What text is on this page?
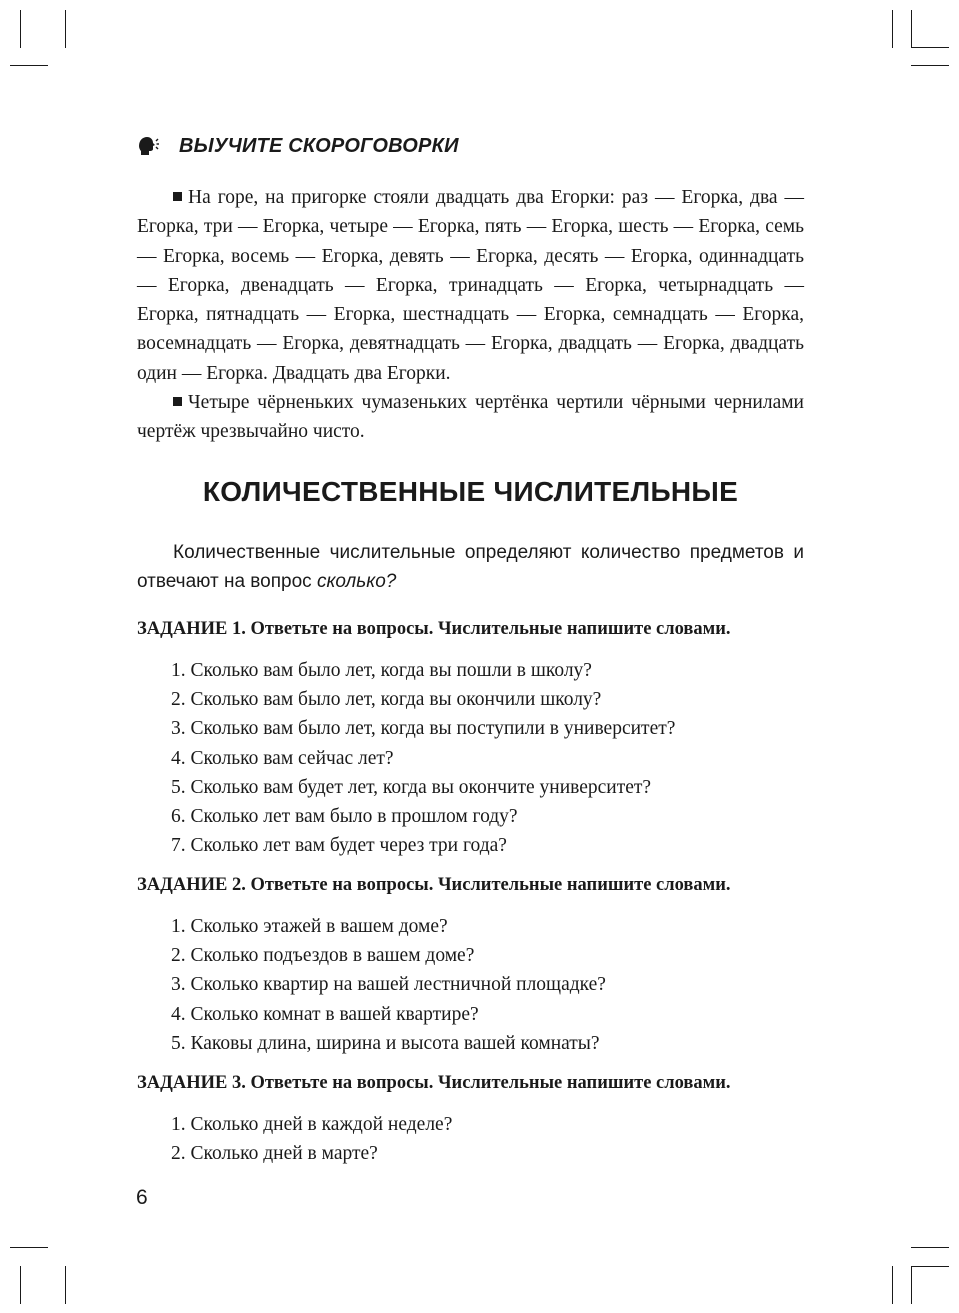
ВЫУЧИТЕ СКОРОГОВОРКИ

На горе, на пригорке стояли двадцать два Егорки: раз — Егорка, два — Егорка, три — Егорка, четыре — Егорка, пять — Егорка, шесть — Егорка, семь — Егорка, восемь — Егорка, девять — Егорка, десять — Егорка, одиннадцать — Егорка, двенадцать — Егорка, тринадцать — Егорка, четырнадцать — Егорка, пятнадцать — Егорка, шестнадцать — Егорка, семнадцать — Егорка, восемнадцать — Егорка, девятнадцать — Егорка, двадцать — Егорка, двадцать один — Егорка. Двадцать два Егорки.

Четыре чёрненьких чумазеньких чертёнка чертили чёрными чернилами чертёж чрезвычайно чисто.

КОЛИЧЕСТВЕННЫЕ ЧИСЛИТЕЛЬНЫЕ

Количественные числительные определяют количество предметов и отвечают на вопрос сколько?

ЗАДАНИЕ 1. Ответьте на вопросы. Числительные напишите словами.

1. Сколько вам было лет, когда вы пошли в школу?
2. Сколько вам было лет, когда вы окончили школу?
3. Сколько вам было лет, когда вы поступили в университет?
4. Сколько вам сейчас лет?
5. Сколько вам будет лет, когда вы окончите университет?
6. Сколько лет вам было в прошлом году?
7. Сколько лет вам будет через три года?

ЗАДАНИЕ 2. Ответьте на вопросы. Числительные напишите словами.

1. Сколько этажей в вашем доме?
2. Сколько подъездов в вашем доме?
3. Сколько квартир на вашей лестничной площадке?
4. Сколько комнат в вашей квартире?
5. Каковы длина, ширина и высота вашей комнаты?

ЗАДАНИЕ 3. Ответьте на вопросы. Числительные напишите словами.

1. Сколько дней в каждой неделе?
2. Сколько дней в марте?
6
